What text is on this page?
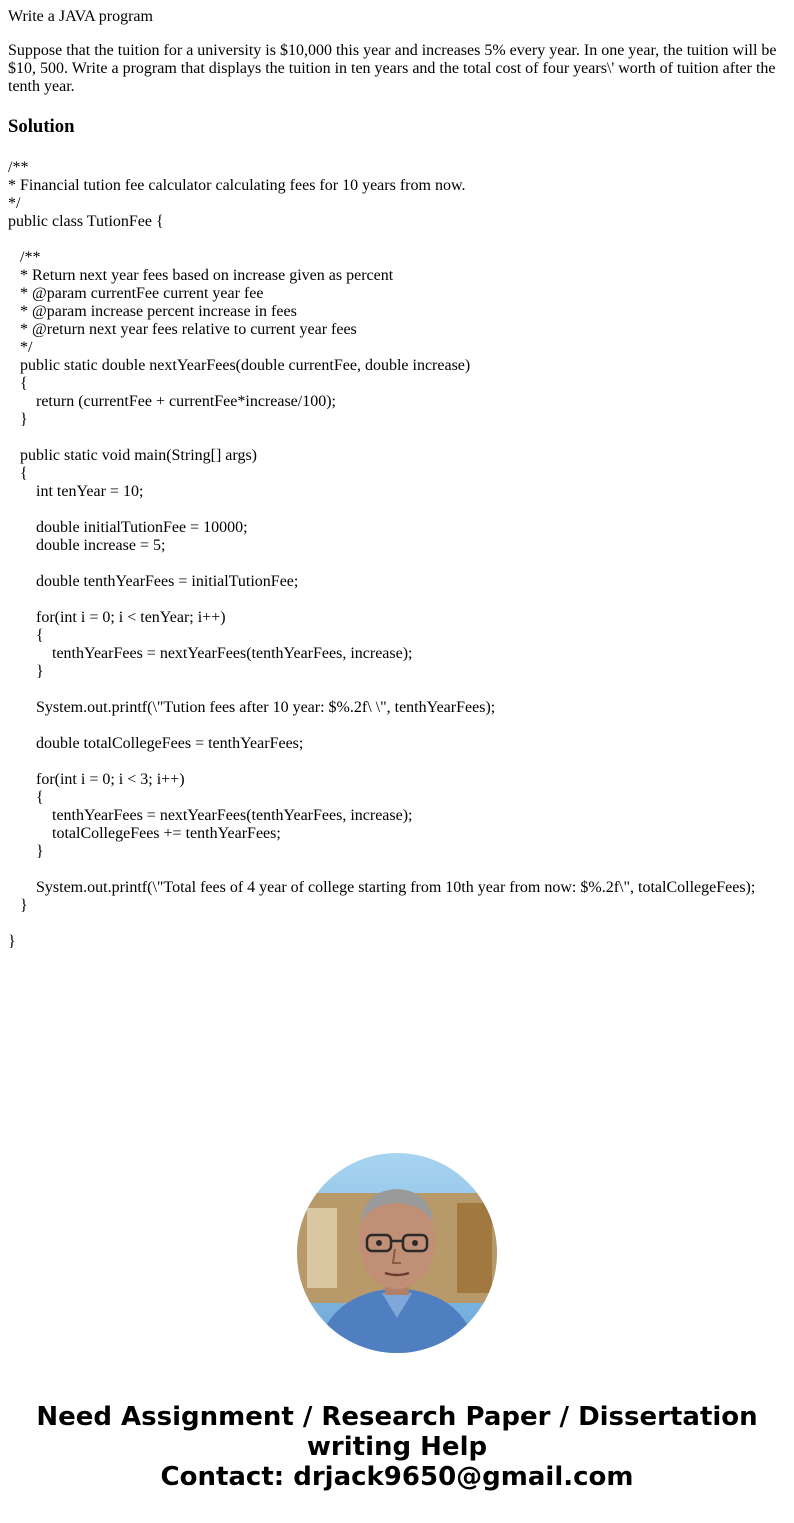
Write a JAVA program

Suppose that the tuition for a university is $10,000 this year and increases 5% every year. In one year, the tuition will be $10, 500. Write a program that displays the tuition in ten years and the total cost of four years\' worth of tuition after the tenth year.

Solution
/**
* Financial tution fee calculator calculating fees for 10 years from now.
*/
public class TutionFee {
/**
* Return next year fees based on increase given as percent
* @param currentFee current year fee
* @param increase percent increase in fees
* @return next year fees relative to current year fees
*/
public static double nextYearFees(double currentFee, double increase)
{
return (currentFee + currentFee*increase/100);
}
public static void main(String[] args)
{
int tenYear = 10;
double initialTutionFee = 10000;
double increase = 5;
double tenthYearFees = initialTutionFee;
for(int i = 0; i < tenYear; i++)
{
tenthYearFees = nextYearFees(tenthYearFees, increase);
}
System.out.printf(\"Tution fees after 10 year: $%.2f\ \", tenthYearFees);
double totalCollegeFees = tenthYearFees;
for(int i = 0; i < 3; i++)
{
tenthYearFees = nextYearFees(tenthYearFees, increase);
totalCollegeFees += tenthYearFees;
}
System.out.printf(\"Total fees of 4 year of college starting from 10th year from now: $%.2f\", totalCollegeFees);
}
}
Need Assignment / Research Paper / Dissertation
writing Help
Contact: drjack9650@gmail.com
